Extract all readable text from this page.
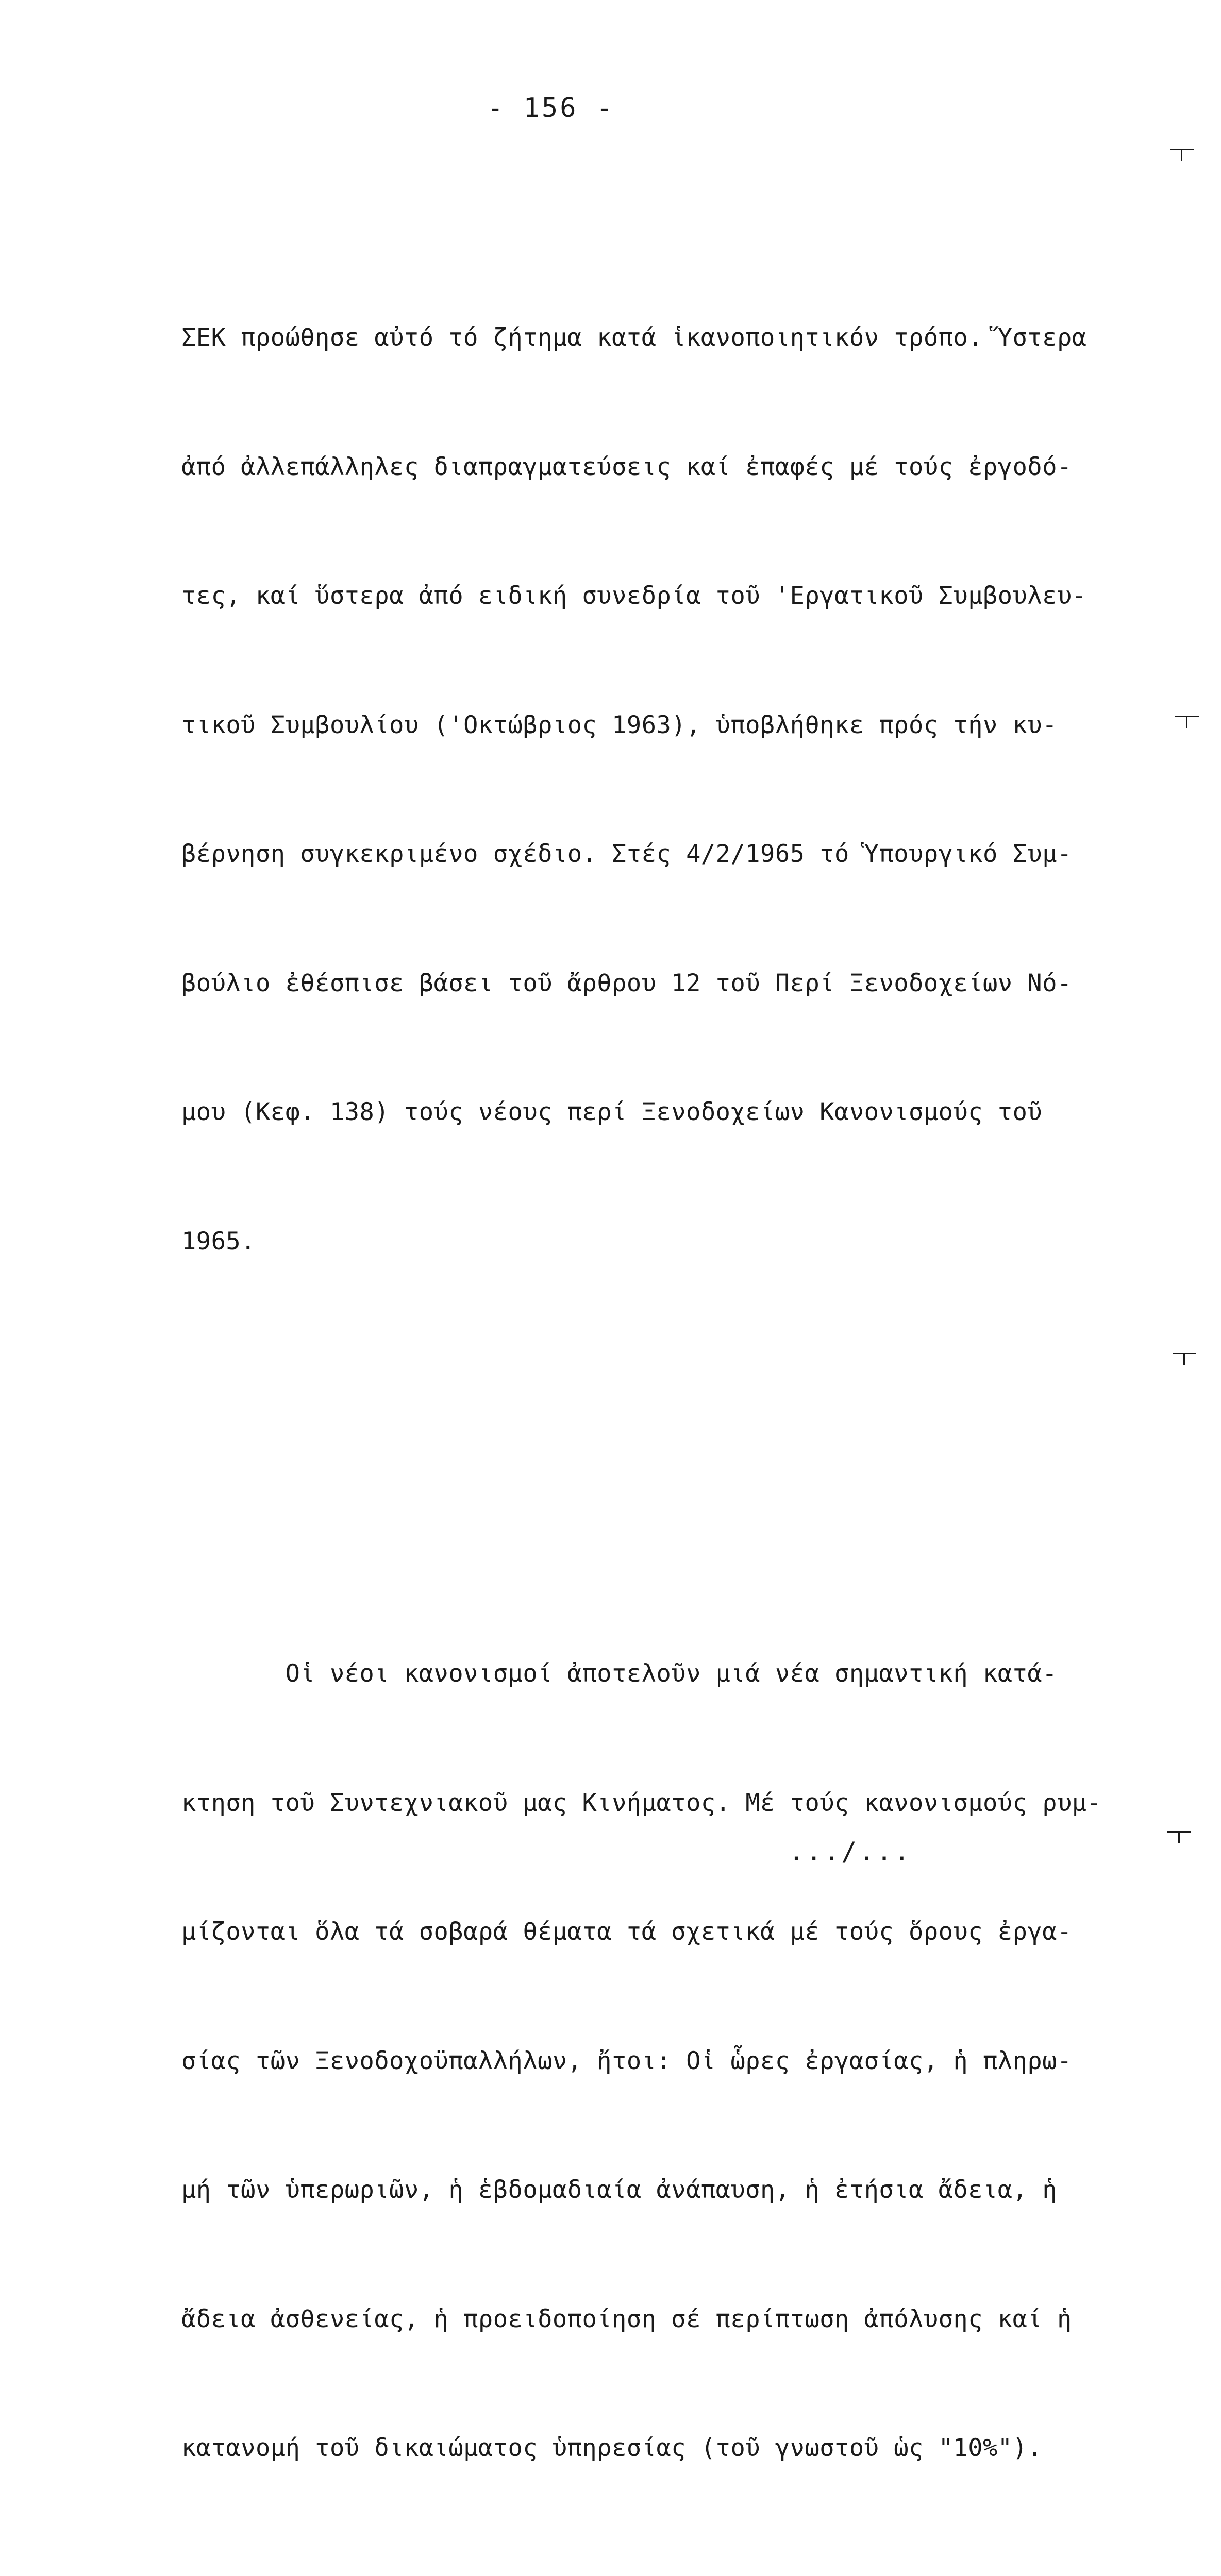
- 156 -

ΣΕΚ προώθησε αὐτό τό ζήτημα κατά ἱκανοποιητικόν τρόπο. Ὕστερα

ἀπό ἀλλεπάλληλες διαπραγματεύσεις καί ἐπαφές μέ τούς ἐργοδό-

τες, καί ὕστερα ἀπό ειδική συνεδρία τοῦ 'Εργατικοῦ Συμβουλευ-

τικοῦ Συμβουλίου ('Οκτώβριος 1963), ὑποβλήθηκε πρός τήν κυ-

βέρνηση συγκεκριμένο σχέδιο. Στές 4/2/1965 τό Ὑπουργικό Συμ-

βούλιο ἐθέσπισε βάσει τοῦ ἄρθρου 12 τοῦ Περί Ξενοδοχείων Νό-

μου (Κεφ. 138) τούς νέους περί Ξενοδοχείων Κανονισμούς τοῦ

1965.

Οἱ νέοι κανονισμοί ἀποτελοῦν μιά νέα σημαντική κατά-

κτηση τοῦ Συντεχνιακοῦ μας Κινήματος. Μέ τούς κανονισμούς ρυμ-

μίζονται ὅλα τά σοβαρά θέματα τά σχετικά μέ τούς ὅρους ἐργα-

σίας τῶν Ξενοδοχοϋπαλλήλων, ἤτοι: Οἱ ὧρες ἐργασίας, ἡ πληρω-

μή τῶν ὑπερωριῶν, ἡ ἑβδομαδιαία ἀνάπαυση, ἡ ἐτήσια ἄδεια, ἡ

ἄδεια ἀσθενείας, ἡ προειδοποίηση σέ περίπτωση ἀπόλυσης καί ἡ

κατανομή τοῦ δικαιώματος ὑπηρεσίας (τοῦ γνωστοῦ ὡς "10%").

.../...
